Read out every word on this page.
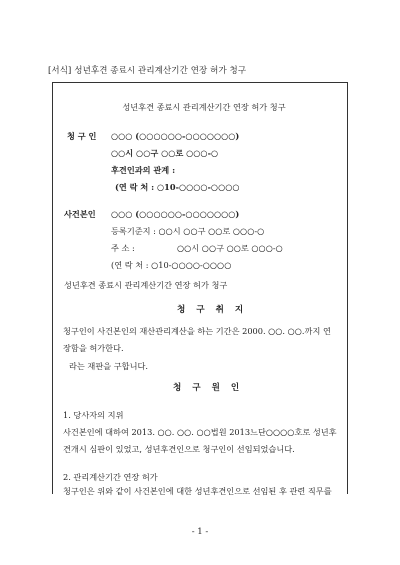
[서식] 성년후견 종료시 관리계산기간 연장 허가 청구
성년후견 종료시 관리계산기간 연장 허가 청구
청 구 인 ○○○ (○○○○○○-○○○○○○○)
○○시 ○○구 ○○로 ○○○-○
후견인과의 관계 :
(연 락 처 : ○10-○○○○-○○○○
사건본인 ○○○ (○○○○○○-○○○○○○○)
등록기준지 : ○○시 ○○구 ○○로 ○○○-○
주 소 :	○○시 ○○구 ○○로 ○○○-○
(연 락 처 : ○10-○○○○-○○○○
성년후견 종료시 관리계산기간 연장 허가 청구
청 구 취 지
청구인이 사건본인의 재산관리계산을 하는 기간은 2000. ○○. ○○.까지 연
장함을 허가한다.
라는 재판을 구합니다.
청 구 원 인
1. 당사자의 지위
사건본인에 대하여 2013. ○○. ○○. ○○법원 2013느단○○○○호로 성년후
견개시 심판이 있었고, 성년후견인으로 청구인이 선임되었습니다.
2. 관리계산기간 연장 허가
청구인은 위와 같이 사건본인에 대한 성년후견인으로 선임된 후 관련 직무를
- 1 -
